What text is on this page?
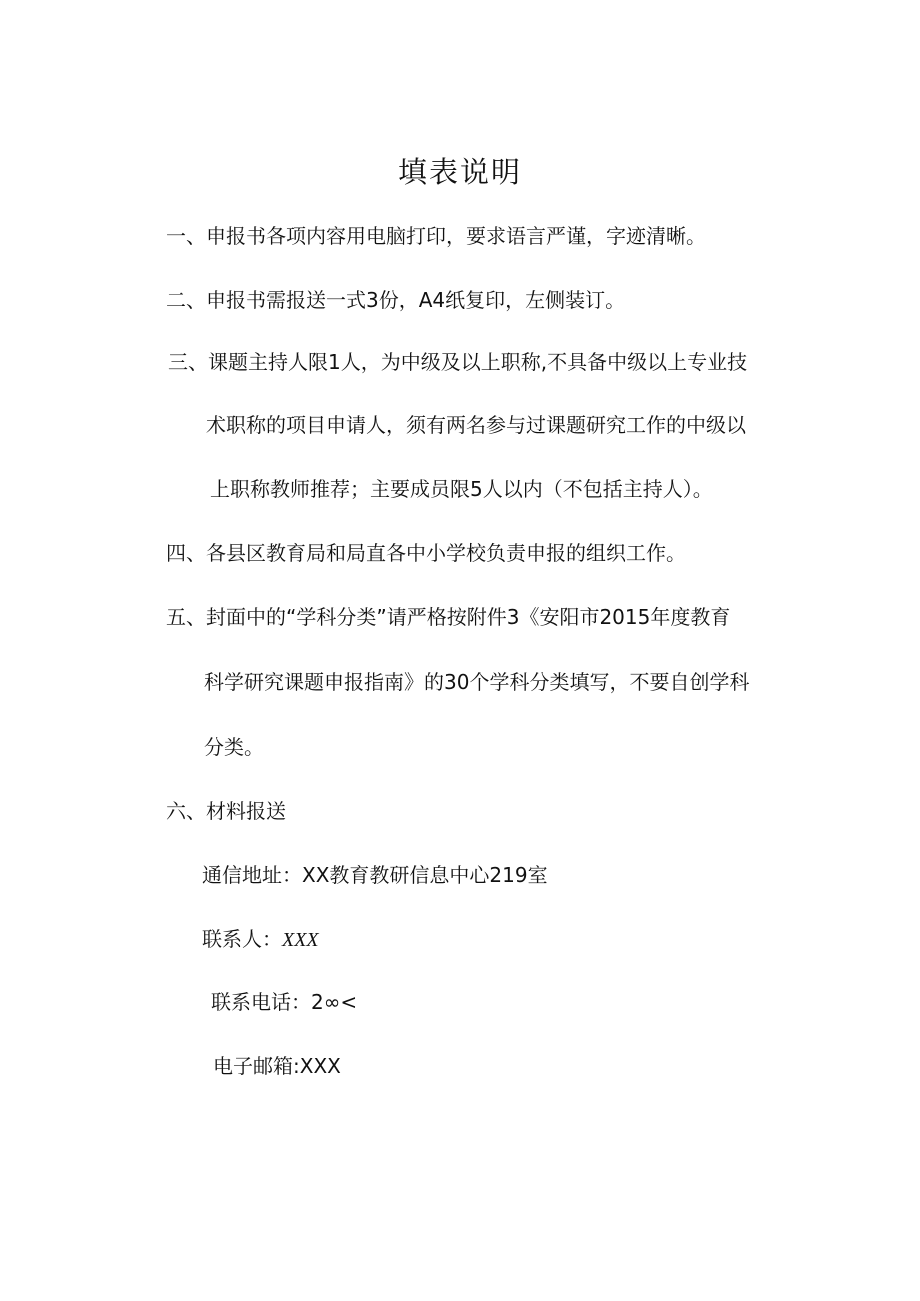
填表说明

一、申报书各项内容用电脑打印，要求语言严谨，字迹清晰。

二、申报书需报送一式3份，A4纸复印，左侧装订。

三、课题主持人限1人，为中级及以上职称,不具备中级以上专业技

术职称的项目申请人，须有两名参与过课题研究工作的中级以

上职称教师推荐；主要成员限5人以内（不包括主持人）。

四、各县区教育局和局直各中小学校负责申报的组织工作。

五、封面中的“学科分类”请严格按附件3《安阳市2015年度教育

科学研究课题申报指南》的30个学科分类填写，不要自创学科

分类。

六、材料报送

通信地址：XX教育教研信息中心219室

联系人：XXX

联系电话：2∞<

电子邮箱:XXX
